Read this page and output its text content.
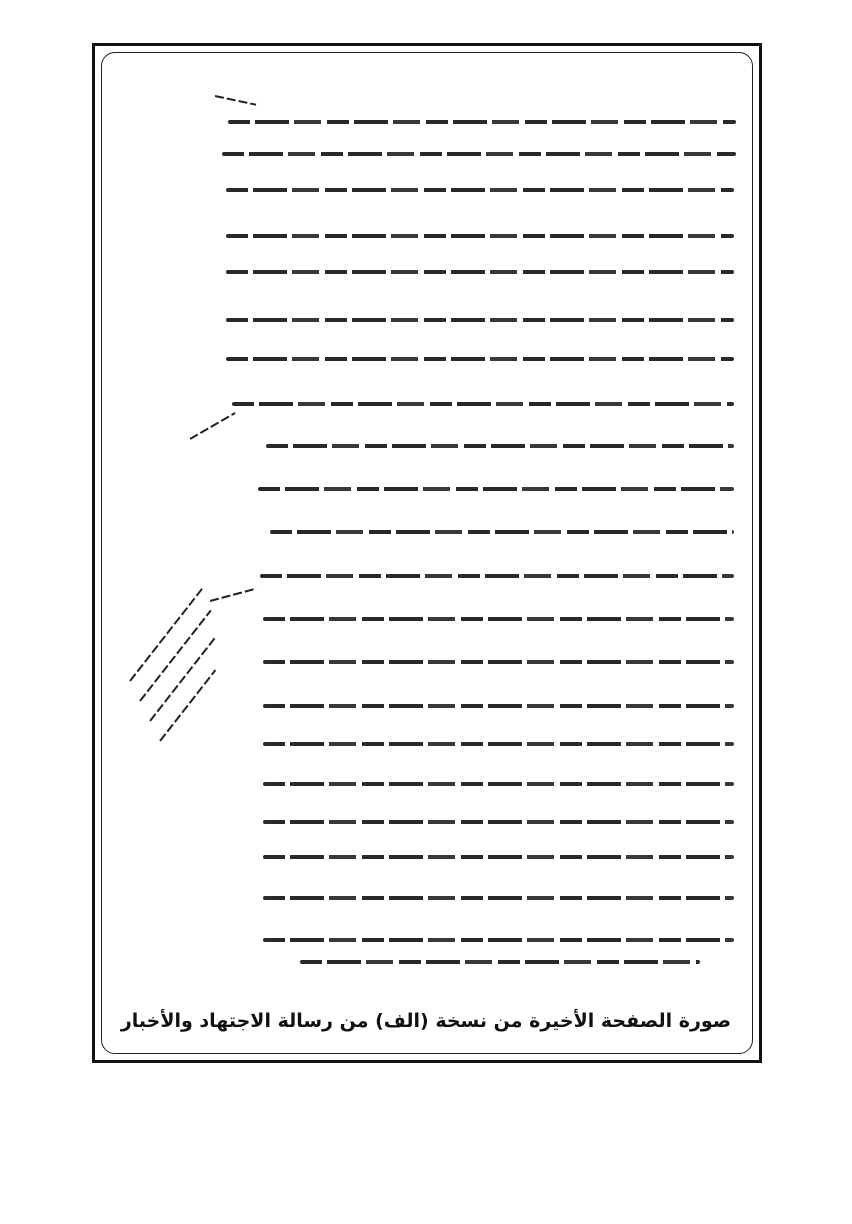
صورة الصفحة الأخيرة من نسخة (الف) من رسالة الاجتهاد والأخبار
